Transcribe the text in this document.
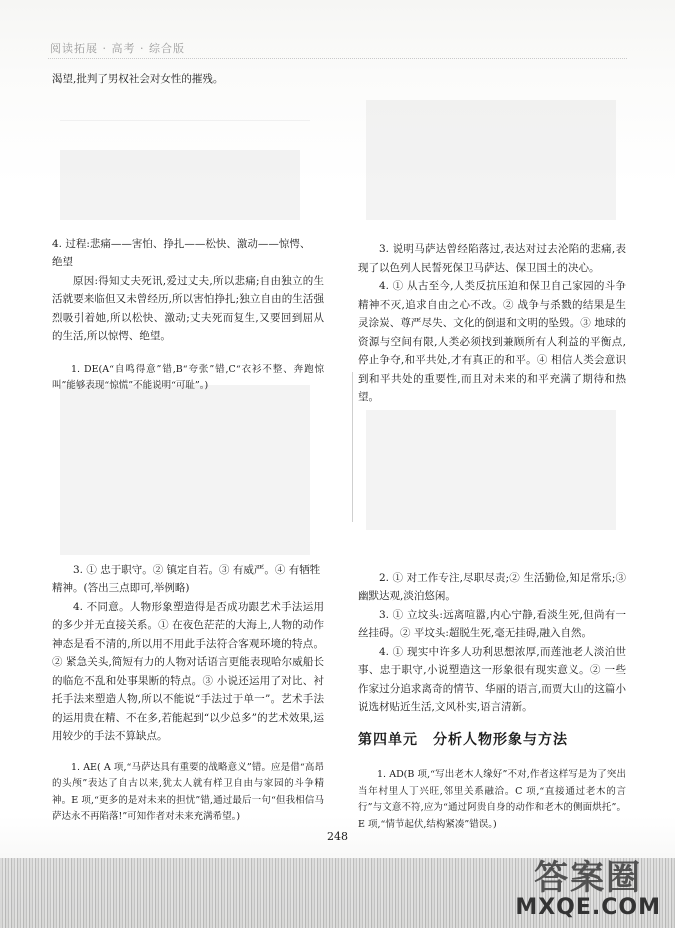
阅读拓展 · 高考 · 综合版

渴望,批判了男权社会对女性的摧残。

4. 过程:悲痛——害怕、挣扎——松快、激动——惊愕、

绝望

原因:得知丈夫死讯,爱过丈夫,所以悲痛;自由独立的生活就要来临但又未曾经历,所以害怕挣扎;独立自由的生活强烈吸引着她,所以松快、激动;丈夫死而复生,又要回到屈从的生活,所以惊愕、绝望。

1. DE(A“自鸣得意”错,B“夸张”错,C“衣衫不整、奔跑惊叫”能够表现“惊慌”不能说明“可耻”。)

3. ① 忠于职守。② 镇定自若。③ 有威严。④ 有牺牲

精神。(答出三点即可,举例略)

4. 不同意。人物形象塑造得是否成功跟艺术手法运用的多少并无直接关系。① 在夜色茫茫的大海上,人物的动作神态是看不清的,所以用不用此手法符合客观环境的特点。② 紧急关头,简短有力的人物对话语言更能表现哈尔威船长的临危不乱和处事果断的特点。③ 小说还运用了对比、衬托手法来塑造人物,所以不能说“手法过于单一”。艺术手法的运用贵在精、不在多,若能起到“以少总多”的艺术效果,运用较少的手法不算缺点。

1. AE( A 项,“马萨达具有重要的战略意义”错。应是借“高昂的头颅”表达了自古以来,犹太人就有样卫自由与家园的斗争精神。E 项,“更多的是对未来的担忧”错,通过最后一句“但我相信马萨达永不再陷落!”可知作者对未来充满希望。)

3. 说明马萨达曾经陷落过,表达对过去沦陷的悲痛,表现了以色列人民誓死保卫马萨达、保卫国土的决心。

4. ① 从古至今,人类反抗压迫和保卫自己家园的斗争精神不灭,追求自由之心不改。② 战争与杀戮的结果是生灵涂炭、尊严尽失、文化的倒退和文明的坠毁。③ 地球的资源与空间有限,人类必须找到兼顾所有人利益的平衡点,停止争夺,和平共处,才有真正的和平。④ 相信人类会意识到和平共处的重要性,而且对未来的和平充满了期待和热望。

2. ① 对工作专注,尽职尽责;② 生活勤俭,知足常乐;③ 幽默达观,淡泊悠闲。

3. ① 立坟头:远离喧嚣,内心宁静,看淡生死,但尚有一丝挂碍。② 平坟头:超脱生死,毫无挂碍,融入自然。

4. ① 现实中许多人功利思想浓厚,而莲池老人淡泊世事、忠于职守,小说塑造这一形象很有现实意义。② 一些作家过分追求离奇的情节、华丽的语言,而贾大山的这篇小说选材贴近生活,文风朴实,语言清新。

第四单元　分析人物形象与方法

1. AD(B 项,“写出老木人缘好”不对,作者这样写是为了突出当年村里人丁兴旺,邻里关系融洽。C 项,“直接通过老木的言行”与文意不符,应为“通过阿贵自身的动作和老木的侧面烘托”。E 项,“情节起伏,结构紧凑”错误。)

248
答案圈
MXQE.COM
